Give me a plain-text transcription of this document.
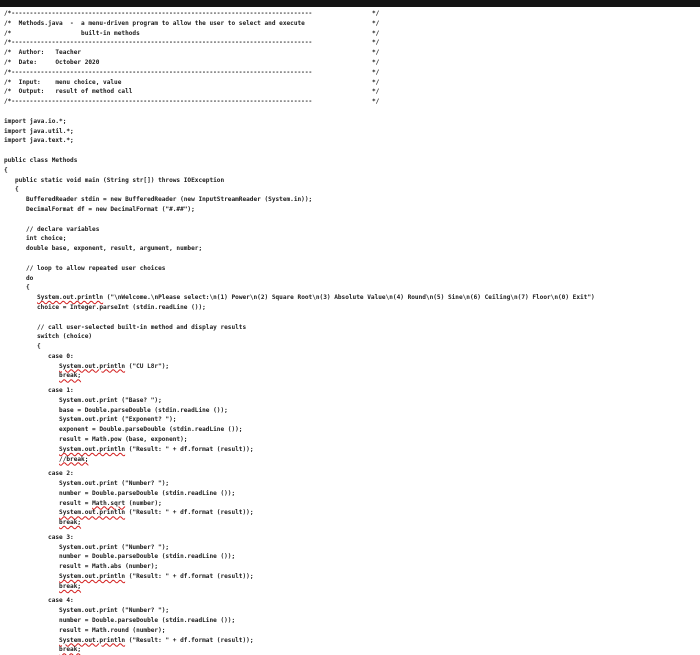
/*----------------------------------------------------------------------------------	*/
/*  Methods.java  -  a menu-driven program to allow the user to select and execute	*/
/*                   built-in methods	*/
/*----------------------------------------------------------------------------------	*/
/*  Author:   Teacher	*/
/*  Date:     October 2020	*/
/*----------------------------------------------------------------------------------	*/
/*  Input:    menu choice, value	*/
/*  Output:   result of method call	*/
/*----------------------------------------------------------------------------------	*/
import java.io.*;
import java.util.*;
import java.text.*;
public class Methods
{
public static void main (String str[]) throws IOException
{
BufferedReader stdin = new BufferedReader (new InputStreamReader (System.in));
DecimalFormat df = new DecimalFormat ("#.##");
// declare variables
int choice;
double base, exponent, result, argument, number;
// loop to allow repeated user choices
do
{
System.out.println ("\nWelcome.\nPlease select:\n(1) Power\n(2) Square Root\n(3) Absolute Value\n(4) Round\n(5) Sine\n(6) Ceiling\n(7) Floor\n(0) Exit")
choice = Integer.parseInt (stdin.readLine ());
// call user-selected built-in method and display results
switch (choice)
{
case 0:
System.out.println ("CU L8r");
break;
case 1:
System.out.print ("Base? ");
base = Double.parseDouble (stdin.readLine ());
System.out.print ("Exponent? ");
exponent = Double.parseDouble (stdin.readLine ());
result = Math.pow (base, exponent);
System.out.println ("Result: " + df.format (result));
//break;
case 2:
System.out.print ("Number? ");
number = Double.parseDouble (stdin.readLine ());
result = Math.sqrt (number);
System.out.println ("Result: " + df.format (result));
break;
case 3:
System.out.print ("Number? ");
number = Double.parseDouble (stdin.readLine ());
result = Math.abs (number);
System.out.println ("Result: " + df.format (result));
break;
case 4:
System.out.print ("Number? ");
number = Double.parseDouble (stdin.readLine ());
result = Math.round (number);
System.out.println ("Result: " + df.format (result));
break;
